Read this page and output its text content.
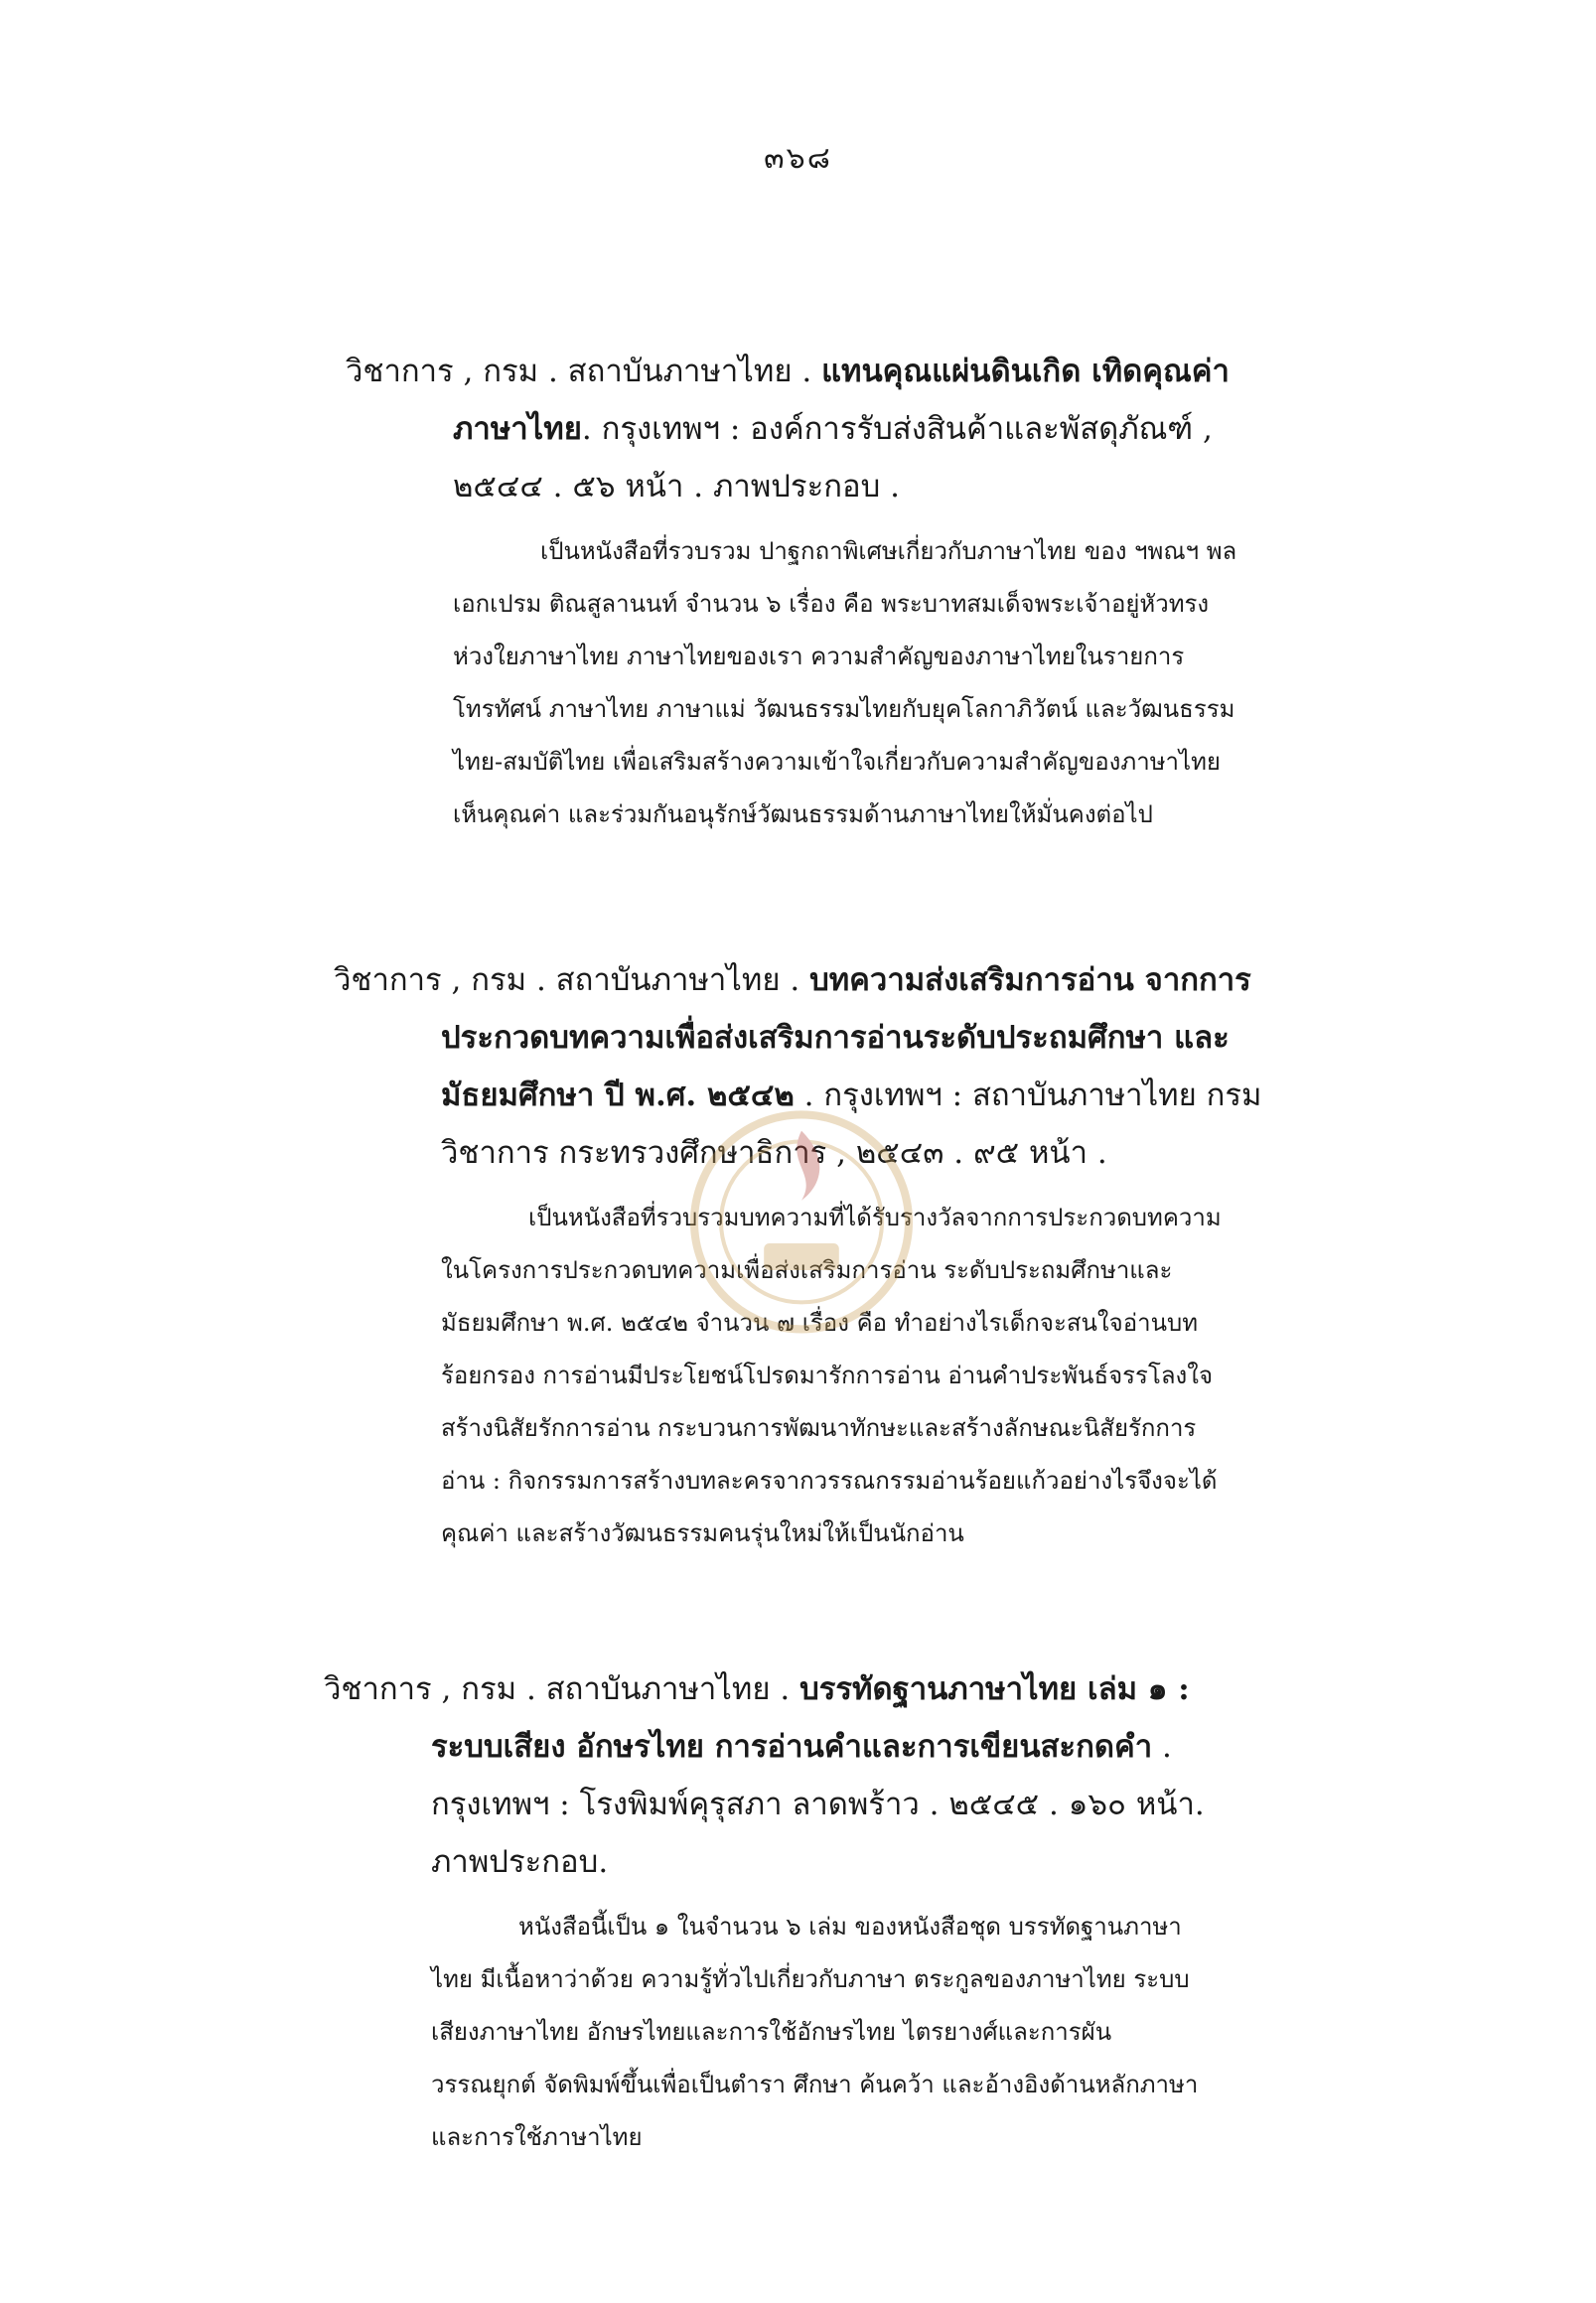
๓๖๘

วิชาการ , กรม . สถาบันภาษาไทย . แทนคุณแผ่นดินเกิด เทิดคุณค่าภาษาไทย. กรุงเทพฯ : องค์การรับส่งสินค้าและพัสดุภัณฑ์ , ๒๕๔๔ . ๕๖ หน้า . ภาพประกอบ .

เป็นหนังสือที่รวบรวม ปาฐกถาพิเศษเกี่ยวกับภาษาไทย ของ ฯพณฯ พลเอกเปรม ติณสูลานนท์ จำนวน ๖ เรื่อง คือ พระบาทสมเด็จพระเจ้าอยู่หัวทรงห่วงใยภาษาไทย ภาษาไทยของเรา ความสำคัญของภาษาไทยในรายการโทรทัศน์ ภาษาไทย ภาษาแม่ วัฒนธรรมไทยกับยุคโลกาภิวัตน์ และวัฒนธรรมไทย-สมบัติไทย เพื่อเสริมสร้างความเข้าใจเกี่ยวกับความสำคัญของภาษาไทย เห็นคุณค่า และร่วมกันอนุรักษ์วัฒนธรรมด้านภาษาไทยให้มั่นคงต่อไป

วิชาการ , กรม . สถาบันภาษาไทย . บทความส่งเสริมการอ่าน จากการประกวดบทความเพื่อส่งเสริมการอ่านระดับประถมศึกษา และมัธยมศึกษา ปี พ.ศ. ๒๕๔๒ . กรุงเทพฯ : สถาบันภาษาไทย กรมวิชาการ กระทรวงศึกษาธิการ , ๒๕๔๓ . ๙๕ หน้า .

เป็นหนังสือที่รวบรวมบทความที่ได้รับรางวัลจากการประกวดบทความในโครงการประกวดบทความเพื่อส่งเสริมการอ่าน ระดับประถมศึกษาและมัธยมศึกษา พ.ศ. ๒๕๔๒ จำนวน ๗ เรื่อง คือ ทำอย่างไรเด็กจะสนใจอ่านบทร้อยกรอง การอ่านมีประโยชน์โปรดมารักการอ่าน อ่านคำประพันธ์จรรโลงใจสร้างนิสัยรักการอ่าน กระบวนการพัฒนาทักษะและสร้างลักษณะนิสัยรักการอ่าน : กิจกรรมการสร้างบทละครจากวรรณกรรมอ่านร้อยแก้วอย่างไรจึงจะได้คุณค่า และสร้างวัฒนธรรมคนรุ่นใหม่ให้เป็นนักอ่าน

วิชาการ , กรม . สถาบันภาษาไทย . บรรทัดฐานภาษาไทย เล่ม ๑ : ระบบเสียง อักษรไทย การอ่านคำและการเขียนสะกดคำ . กรุงเทพฯ : โรงพิมพ์คุรุสภา ลาดพร้าว . ๒๕๔๕ . ๑๖๐ หน้า. ภาพประกอบ.

หนังสือนี้เป็น ๑ ในจำนวน ๖ เล่ม ของหนังสือชุด บรรทัดฐานภาษาไทย มีเนื้อหาว่าด้วย ความรู้ทั่วไปเกี่ยวกับภาษา ตระกูลของภาษาไทย ระบบเสียงภาษาไทย อักษรไทยและการใช้อักษรไทย ไตรยางศ์และการผันวรรณยุกต์ จัดพิมพ์ขึ้นเพื่อเป็นตำรา ศึกษา ค้นคว้า และอ้างอิงด้านหลักภาษาและการใช้ภาษาไทย
